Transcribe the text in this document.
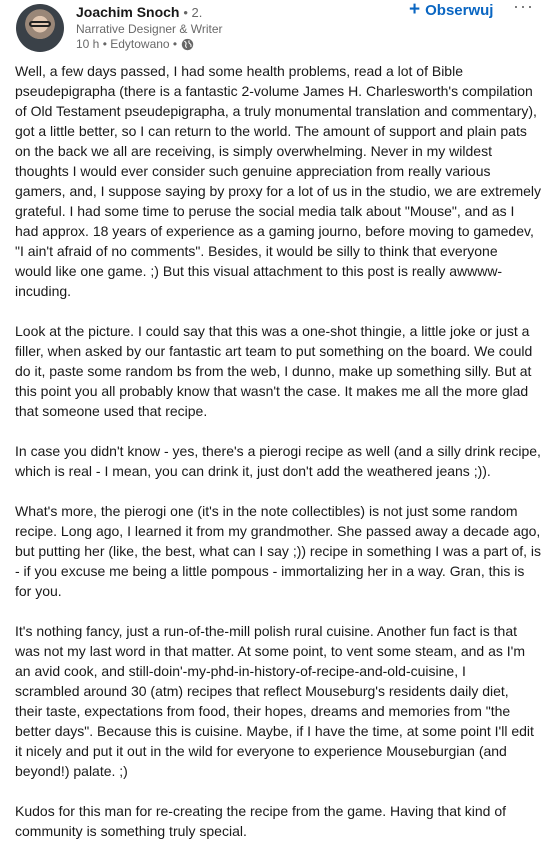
Joachim Snoch • 2.
Narrative Designer & Writer
10 h • Edytowano •
+ Obserwuj ···

Well, a few days passed, I had some health problems, read a lot of Bible

pseudepigrapha (there is a fantastic 2-volume James H. Charlesworth's compilation

of Old Testament pseudepigrapha, a truly monumental translation and commentary),

got a little better, so I can return to the world. The amount of support and plain pats

on the back we all are receiving, is simply overwhelming. Never in my wildest

thoughts I would ever consider such genuine appreciation from really various

gamers, and, I suppose saying by proxy for a lot of us in the studio, we are extremely

grateful. I had some time to peruse the social media talk about "Mouse", and as I

had approx. 18 years of experience as a gaming journo, before moving to gamedev,

"I ain't afraid of no comments". Besides, it would be silly to think that everyone

would like one game. ;) But this visual attachment to this post is really awwww-

incuding.

Look at the picture. I could say that this was a one-shot thingie, a little joke or just a

filler, when asked by our fantastic art team to put something on the board. We could

do it, paste some random bs from the web, I dunno, make up something silly. But at

this point you all probably know that wasn't the case. It makes me all the more glad

that someone used that recipe.

In case you didn't know - yes, there's a pierogi recipe as well (and a silly drink recipe,

which is real - I mean, you can drink it, just don't add the weathered jeans ;)).

What's more, the pierogi one (it's in the note collectibles) is not just some random

recipe. Long ago, I learned it from my grandmother. She passed away a decade ago,

but putting her (like, the best, what can I say ;)) recipe in something I was a part of, is

- if you excuse me being a little pompous - immortalizing her in a way. Gran, this is

for you.

It's nothing fancy, just a run-of-the-mill polish rural cuisine. Another fun fact is that

was not my last word in that matter. At some point, to vent some steam, and as I'm

an avid cook, and still-doin'-my-phd-in-history-of-recipe-and-old-cuisine, I

scrambled around 30 (atm) recipes that reflect Mouseburg's residents daily diet,

their taste, expectations from food, their hopes, dreams and memories from "the

better days". Because this is cuisine. Maybe, if I have the time, at some point I'll edit

it nicely and put it out in the wild for everyone to experience Mouseburgian (and

beyond!) palate. ;)

Kudos for this man for re-creating the recipe from the game. Having that kind of

community is something truly special.
